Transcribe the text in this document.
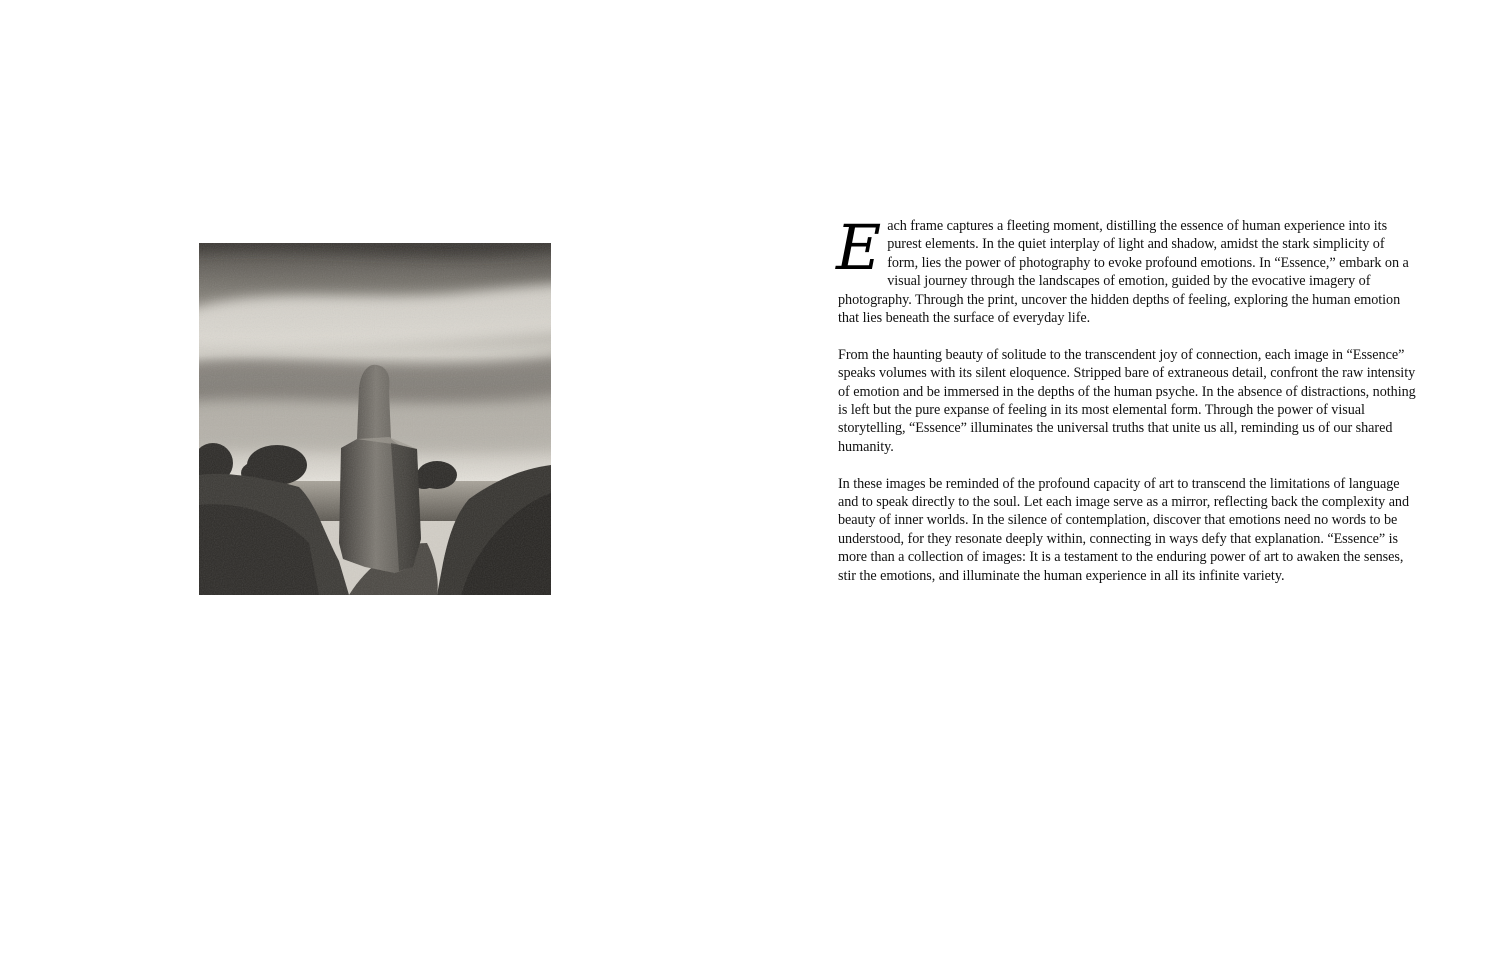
Each frame captures a fleeting moment, distilling the essence of human experience into its purest elements. In the quiet interplay of light and shadow, amidst the stark simplicity of form, lies the power of photography to evoke profound emotions. In “Essence,” embark on a visual journey through the landscapes of emotion, guided by the evocative imagery of photography. Through the print, uncover the hidden depths of feeling, exploring the human emotion that lies beneath the surface of everyday life.

From the haunting beauty of solitude to the transcendent joy of connection, each image in “Essence” speaks volumes with its silent eloquence. Stripped bare of extraneous detail, confront the raw intensity of emotion and be immersed in the depths of the human psyche. In the absence of distractions, nothing is left but the pure expanse of feeling in its most elemental form. Through the power of visual storytelling, “Essence” illuminates the universal truths that unite us all, reminding us of our shared humanity.

In these images be reminded of the profound capacity of art to transcend the limitations of language and to speak directly to the soul. Let each image serve as a mirror, reflecting back the complexity and beauty of inner worlds. In the silence of contemplation, discover that emotions need no words to be understood, for they resonate deeply within, connecting in ways defy that explanation. “Essence” is more than a collection of images: It is a testament to the enduring power of art to awaken the senses, stir the emotions, and illuminate the human experience in all its infinite variety.
